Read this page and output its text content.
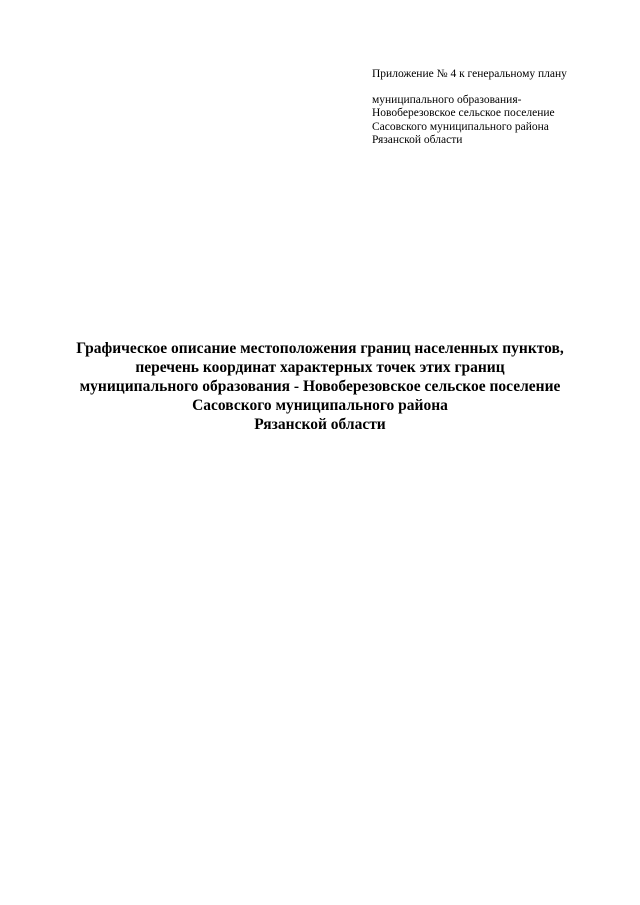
Приложение № 4 к генеральному плану
муниципального образования-
Новоберезовское сельское поселение
Сасовского муниципального района
Рязанской области
Графическое описание местоположения границ населенных пунктов,
перечень координат характерных точек этих границ
муниципального образования - Новоберезовское сельское поселение
Сасовского муниципального района
Рязанской области
